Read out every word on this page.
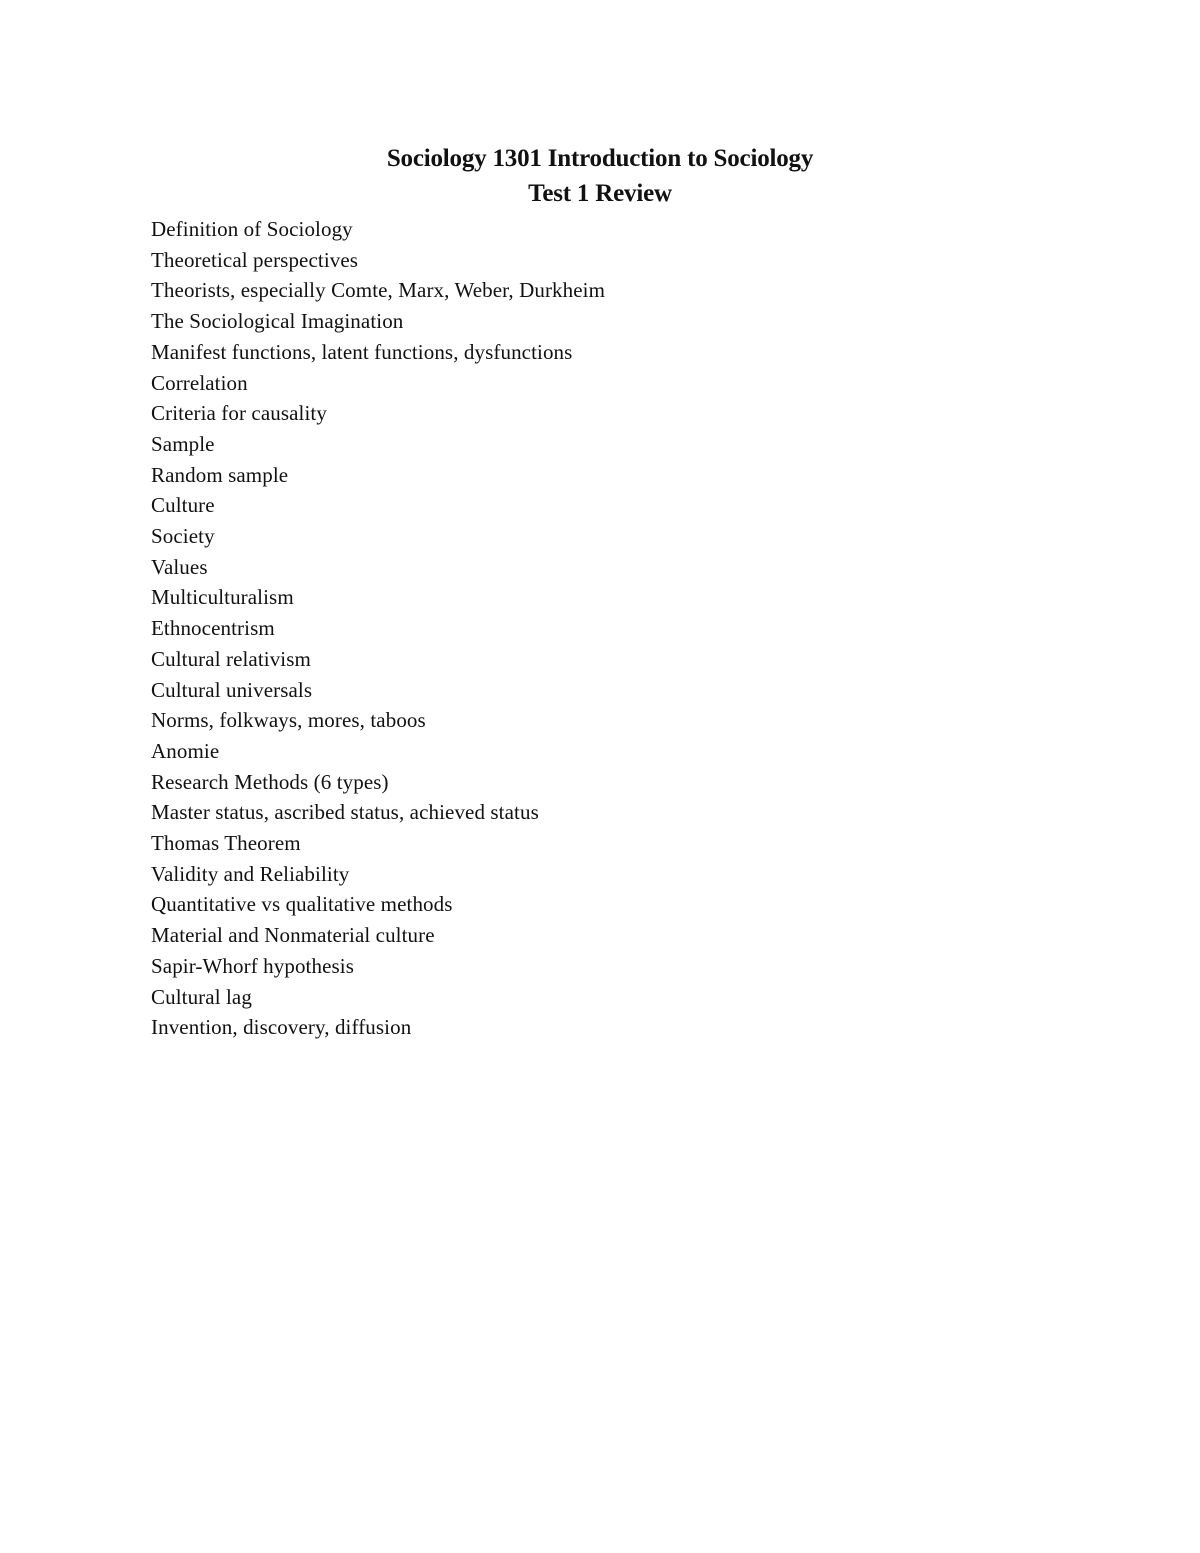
Sociology 1301 Introduction to Sociology
Test 1 Review
Definition of Sociology
Theoretical perspectives
Theorists, especially Comte, Marx, Weber, Durkheim
The Sociological Imagination
Manifest functions, latent functions, dysfunctions
Correlation
Criteria for causality
Sample
Random sample
Culture
Society
Values
Multiculturalism
Ethnocentrism
Cultural relativism
Cultural universals
Norms, folkways, mores, taboos
Anomie
Research Methods (6 types)
Master status, ascribed status, achieved status
Thomas Theorem
Validity and Reliability
Quantitative vs qualitative methods
Material and Nonmaterial culture
Sapir-Whorf hypothesis
Cultural lag
Invention, discovery, diffusion
